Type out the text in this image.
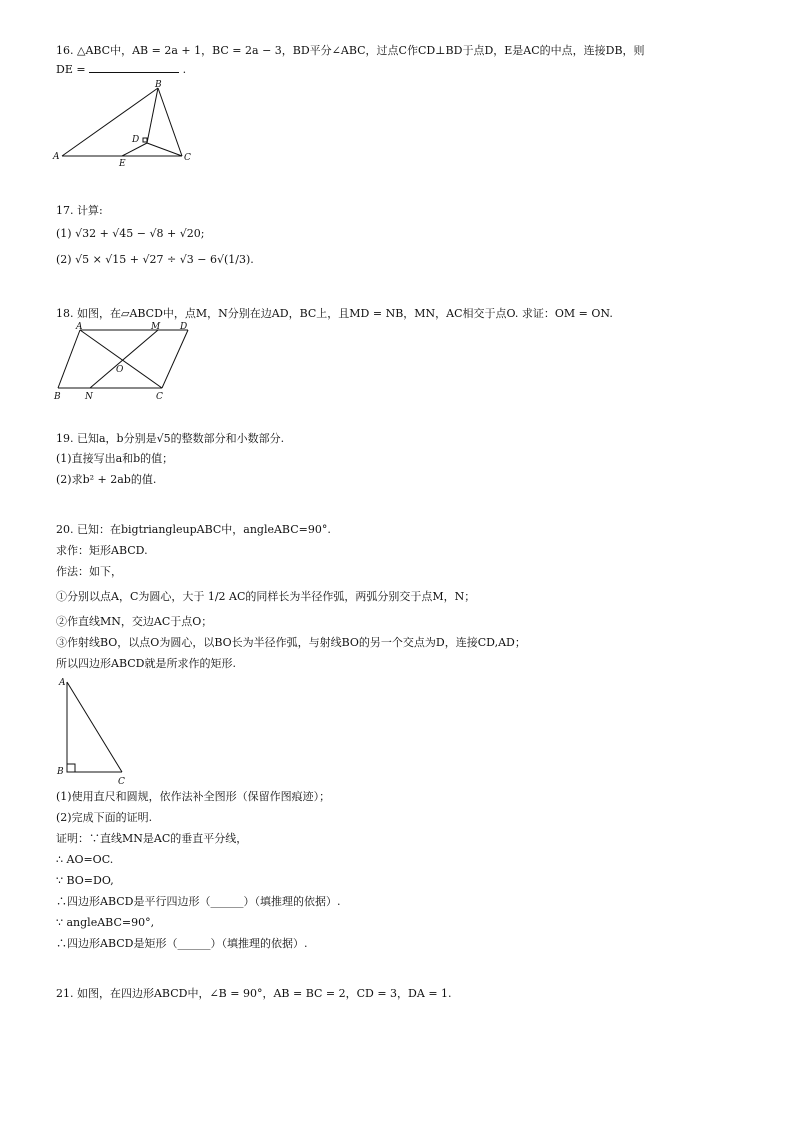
16. △ABC中，AB = 2a + 1，BC = 2a − 3，BD平分∠ABC，过点C作CD⊥BD于点D，E是AC的中点，连接DB，则
DE =	.
B
A	C
D
E
17. 计算:
(1) √32 + √45 − √8 + √20;
(2) √5 × √15 + √27 ÷ √3 − 6√(1/3).
18. 如图，在▱ABCD中，点M，N分别在边AD，BC上，且MD = NB，MN，AC相交于点O. 求证：OM = ON.
A	M D
O
B	N	C
19. 已知a，b分别是√5的整数部分和小数部分.
(1)直接写出a和b的值；
(2)求b² + 2ab的值.
20. 已知：在bigtriangleupABC中，angleABC=90°.
求作：矩形ABCD.
作法：如下，
①分别以点A，C为圆心，大于 1/2 AC的同样长为半径作弧，两弧分别交于点M，N；
②作直线MN，交边AC于点O；
③作射线BO，以点O为圆心，以BO长为半径作弧，与射线BO的另一个交点为D，连接CD,AD；
所以四边形ABCD就是所求作的矩形.
A
B
C
(1)使用直尺和圆规，依作法补全图形（保留作图痕迹）；
(2)完成下面的证明.
证明：∵直线MN是AC的垂直平分线，
∴ AO=OC.
∵ BO=DO,
∴四边形ABCD是平行四边形（______）（填推理的依据）.
∵ angleABC=90°,
∴四边形ABCD是矩形（______）（填推理的依据）.
21. 如图，在四边形ABCD中，∠B = 90°，AB = BC = 2，CD = 3，DA = 1.
